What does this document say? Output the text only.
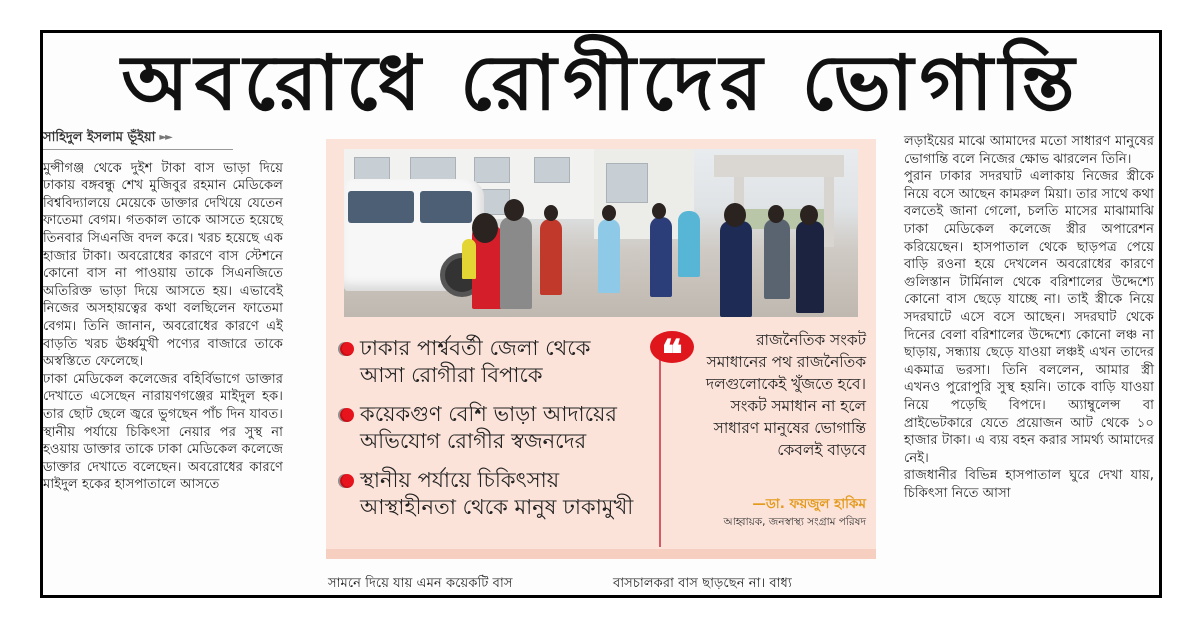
অবরোধে রোগীদের ভোগান্তি
সাহিদুল ইসলাম ভূঁইয়া ►►

মুন্সীগঞ্জ থেকে দুইশ টাকা বাস ভাড়া দিয়ে ঢাকায় বঙ্গবন্ধু শেখ মুজিবুর রহমান মেডিকেল বিশ্ববিদ্যালয়ে মেয়েকে ডাক্তার দেখিয়ে যেতেন ফাতেমা বেগম। গতকাল তাকে আসতে হয়েছে তিনবার সিএনজি বদল করে। খরচ হয়েছে এক হাজার টাকা। অবরোধের কারণে বাস স্টেশনে কোনো বাস না পাওয়ায় তাকে সিএনজিতে অতিরিক্ত ভাড়া দিয়ে আসতে হয়। এভাবেই নিজের অসহায়ত্বের কথা বলছিলেন ফাতেমা বেগম। তিনি জানান, অবরোধের কারণে এই বাড়তি খরচ ঊর্ধ্বমুখী পণ্যের বাজারে তাকে অস্বস্তিতে ফেলেছে।

ঢাকা মেডিকেল কলেজের বহির্বিভাগে ডাক্তার দেখাতে এসেছেন নারায়ণগঞ্জের মাইদুল হক। তার ছোট ছেলে জ্বরে ভুগছেন পাঁচ দিন যাবত। স্থানীয় পর্যায়ে চিকিৎসা নেয়ার পর সুস্থ না হওয়ায় ডাক্তার তাকে ঢাকা মেডিকেল কলেজে ডাক্তার দেখাতে বলেছেন। অবরোধের কারণে মাইদুল হকের হাসপাতালে আসতে

ঢাকার পার্শ্ববর্তী জেলা থেকে আসা রোগীরা বিপাকে
কয়েকগুণ বেশি ভাড়া আদায়ের অভিযোগ রোগীর স্বজনদের
স্থানীয় পর্যায়ে চিকিৎসায় আস্থাহীনতা থেকে মানুষ ঢাকামুখী
❝	রাজনৈতিক সংকট সমাধানের পথ রাজনৈতিক দলগুলোকেই খুঁজতে হবে। সংকট সমাধান না হলে সাধারণ মানুষের ভোগান্তি কেবলই বাড়বে
—ডা. ফয়জুল হাকিম
আহ্বায়ক, জনস্বাস্থ্য সংগ্রাম পরিষদ
সামনে দিয়ে যায় এমন কয়েকটি বাস	বাসচালকরা বাস ছাড়ছেন না। বাধ্য

লড়াইয়ের মাঝে আমাদের মতো সাধারণ মানুষের ভোগান্তি বলে নিজের ক্ষোভ ঝারলেন তিনি।

পুরান ঢাকার সদরঘাট এলাকায় নিজের স্ত্রীকে নিয়ে বসে আছেন কামরুল মিয়া। তার সাথে কথা বলতেই জানা গেলো, চলতি মাসের মাঝামাঝি ঢাকা মেডিকেল কলেজে স্ত্রীর অপারেশন করিয়েছেন। হাসপাতাল থেকে ছাড়পত্র পেয়ে বাড়ি রওনা হয়ে দেখলেন অবরোধের কারণে গুলিস্তান টার্মিনাল থেকে বরিশালের উদ্দেশ্যে কোনো বাস ছেড়ে যাচ্ছে না। তাই স্ত্রীকে নিয়ে সদরঘাটে এসে বসে আছেন। সদরঘাট থেকে দিনের বেলা বরিশালের উদ্দেশ্যে কোনো লঞ্চ না ছাড়ায়, সন্ধ্যায় ছেড়ে যাওয়া লঞ্চই এখন তাদের একমাত্র ভরসা। তিনি বললেন, আমার স্ত্রী এখনও পুরোপুরি সুস্থ হয়নি। তাকে বাড়ি যাওয়া নিয়ে পড়েছি বিপদে। অ্যাম্বুলেন্স বা প্রাইভেটকারে যেতে প্রয়োজন আট থেকে ১০ হাজার টাকা। এ ব্যয় বহন করার সামর্থ্য আমাদের নেই।

রাজধানীর বিভিন্ন হাসপাতাল ঘুরে দেখা যায়, চিকিৎসা নিতে আসা
